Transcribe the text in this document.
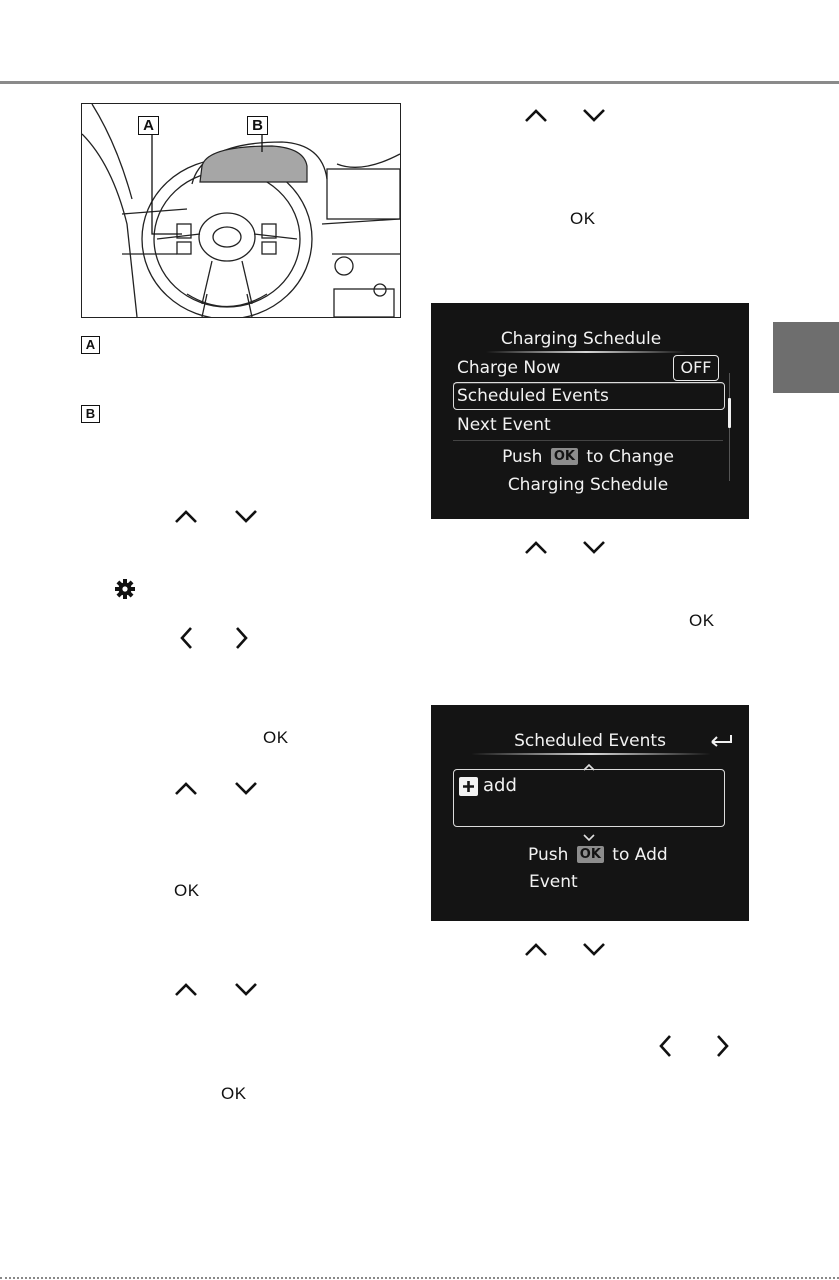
A	B
A
B
OK
OK
OK
OK
Charging Schedule
Charge Now	OFF
Scheduled Events
Next Event
Push OK to Change
Charging Schedule
OK
Scheduled Events
add
Push OK to Add
Event
